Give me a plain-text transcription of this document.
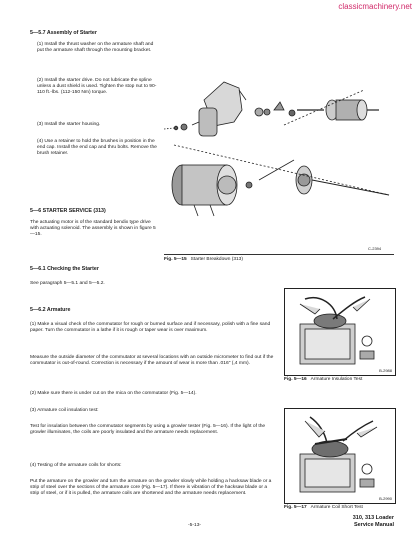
classicmachinery.net
5—5.7 Assembly of Starter
(1) Install the thrust washer on the armature shaft and put the armature shaft through the mounting bracket.
(2) Install the starter drive. Do not lubricate the spline unless a dust shield is used. Tighten the stop nut to 90-110 ft.-lbs. (112-150 Nm) torque.
(3) Install the starter housing.
(4) Use a retainer to hold the brushes in position in the end cap. Install the end cap and thru bolts. Remove the brush retainer.
C-2394
Fig. 5—15 Starter Breakdown (313)
5—6 STARTER SERVICE (313)
The actuating motor is of the standard bendix type drive with actuating solenoid. The assembly is shown in figure 5—15.
5—6.1 Checking the Starter
See paragraph 5—5.1 and 5—5.2.
5—6.2 Armature
(1) Make a visual check of the commutator for rough or burned surface and if necessary, polish with a fine sand paper. Turn the commutator in a lathe if it is rough or taper wear is over maximum.
Measure the outside diameter of the commutator at several locations with an outside micrometer to find out if the commutator is out-of-round. Correction is necessary if the amount of wear is more than .016" (,4 mm).
(2) Make sure there is under cut on the mica on the commutator (Fig. 5—14).
(3) Armature coil insulation test:
Test for insulation between the commutator segments by using a growler tester (Fig. 5—16). If the light of the growler illuminates, the coils are poorly insulated and the armature needs replacement.
(4) Testing of the armature coils for shorts:
Put the armature on the growler and turn the armature on the growler slowly while holding a hacksaw blade or a strip of steel over the sections of the armature core (Fig. 5—17). If there is vibration of the hacksaw blade or a strip of steel, or if it is pulled, the armature coils are shortened and the armature needs replacement.
B-2988
Fig. 5—16 Armature Insulation Test
B-2990
Fig. 5—17 Armature Coil Short Test
-5-13-
310, 313 Loader
Service Manual
